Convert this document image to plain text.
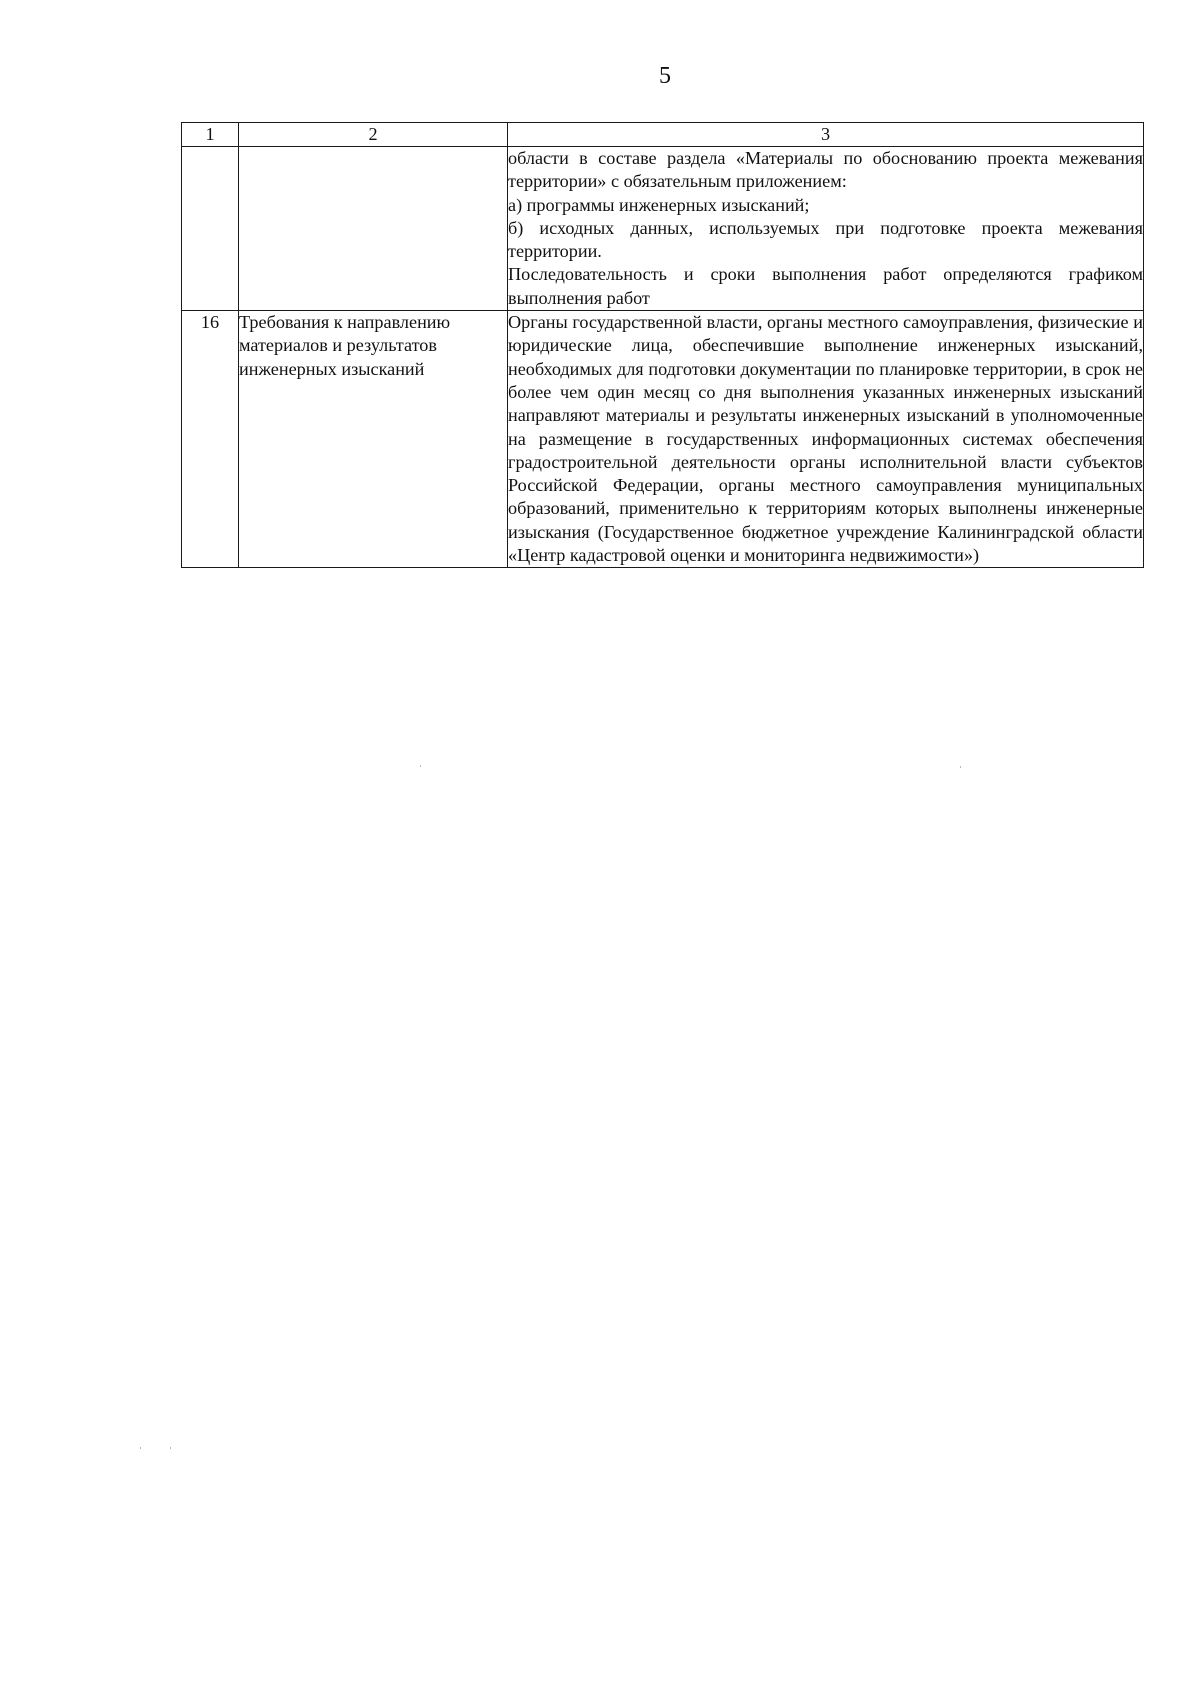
5
1	2	3

		области в составе раздела «Материалы по обоснованию проекта межевания территории» с обязательным приложением:
а) программы инженерных изысканий;
б) исходных данных, используемых при подготовке проекта межевания территории.
Последовательность и сроки выполнения работ определяются графиком выполнения работ

16	Требования к направлению материалов и результатов инженерных изысканий	Органы государственной власти, органы местного самоуправления, физические и юридические лица, обеспечившие выполнение инженерных изысканий, необходимых для подготовки документации по планировке территории, в срок не более чем один месяц со дня выполнения указанных инженерных изысканий направляют материалы и результаты инженерных изысканий в уполномоченные на размещение в государственных информационных системах обеспечения градостроительной деятельности органы исполнительной власти субъектов Российской Федерации, органы местного самоуправления муниципальных образований, применительно к территориям которых выполнены инженерные изыскания (Государственное бюджетное учреждение Калининградской области «Центр кадастровой оценки и мониторинга недвижимости»)
